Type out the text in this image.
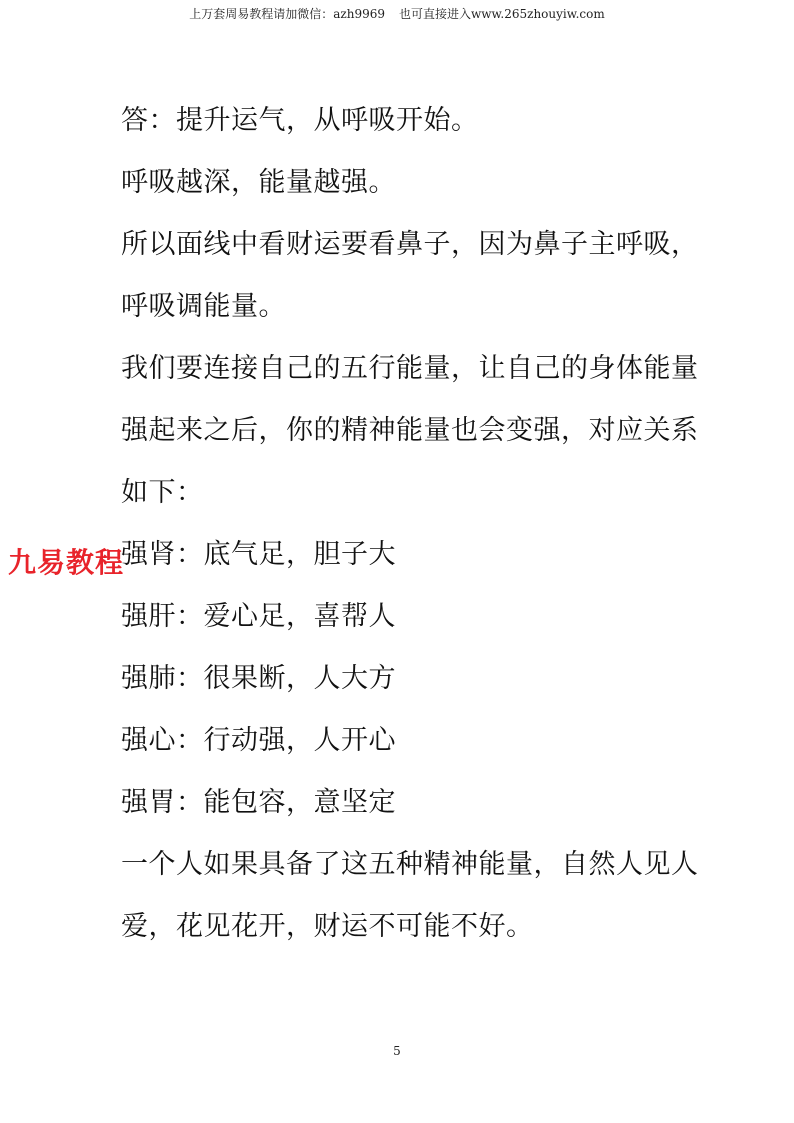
上万套周易教程请加微信：azh9969 也可直接进入www.265zhouyiw.com
答：提升运气，从呼吸开始。
呼吸越深，能量越强。
所以面线中看财运要看鼻子，因为鼻子主呼吸，
呼吸调能量。
我们要连接自己的五行能量，让自己的身体能量
强起来之后，你的精神能量也会变强，对应关系
如下：
强肾：底气足，胆子大
强肝：爱心足，喜帮人
强肺：很果断，人大方
强心：行动强，人开心
强胃：能包容，意坚定
一个人如果具备了这五种精神能量，自然人见人
爱，花见花开，财运不可能不好。
九易教程
5
